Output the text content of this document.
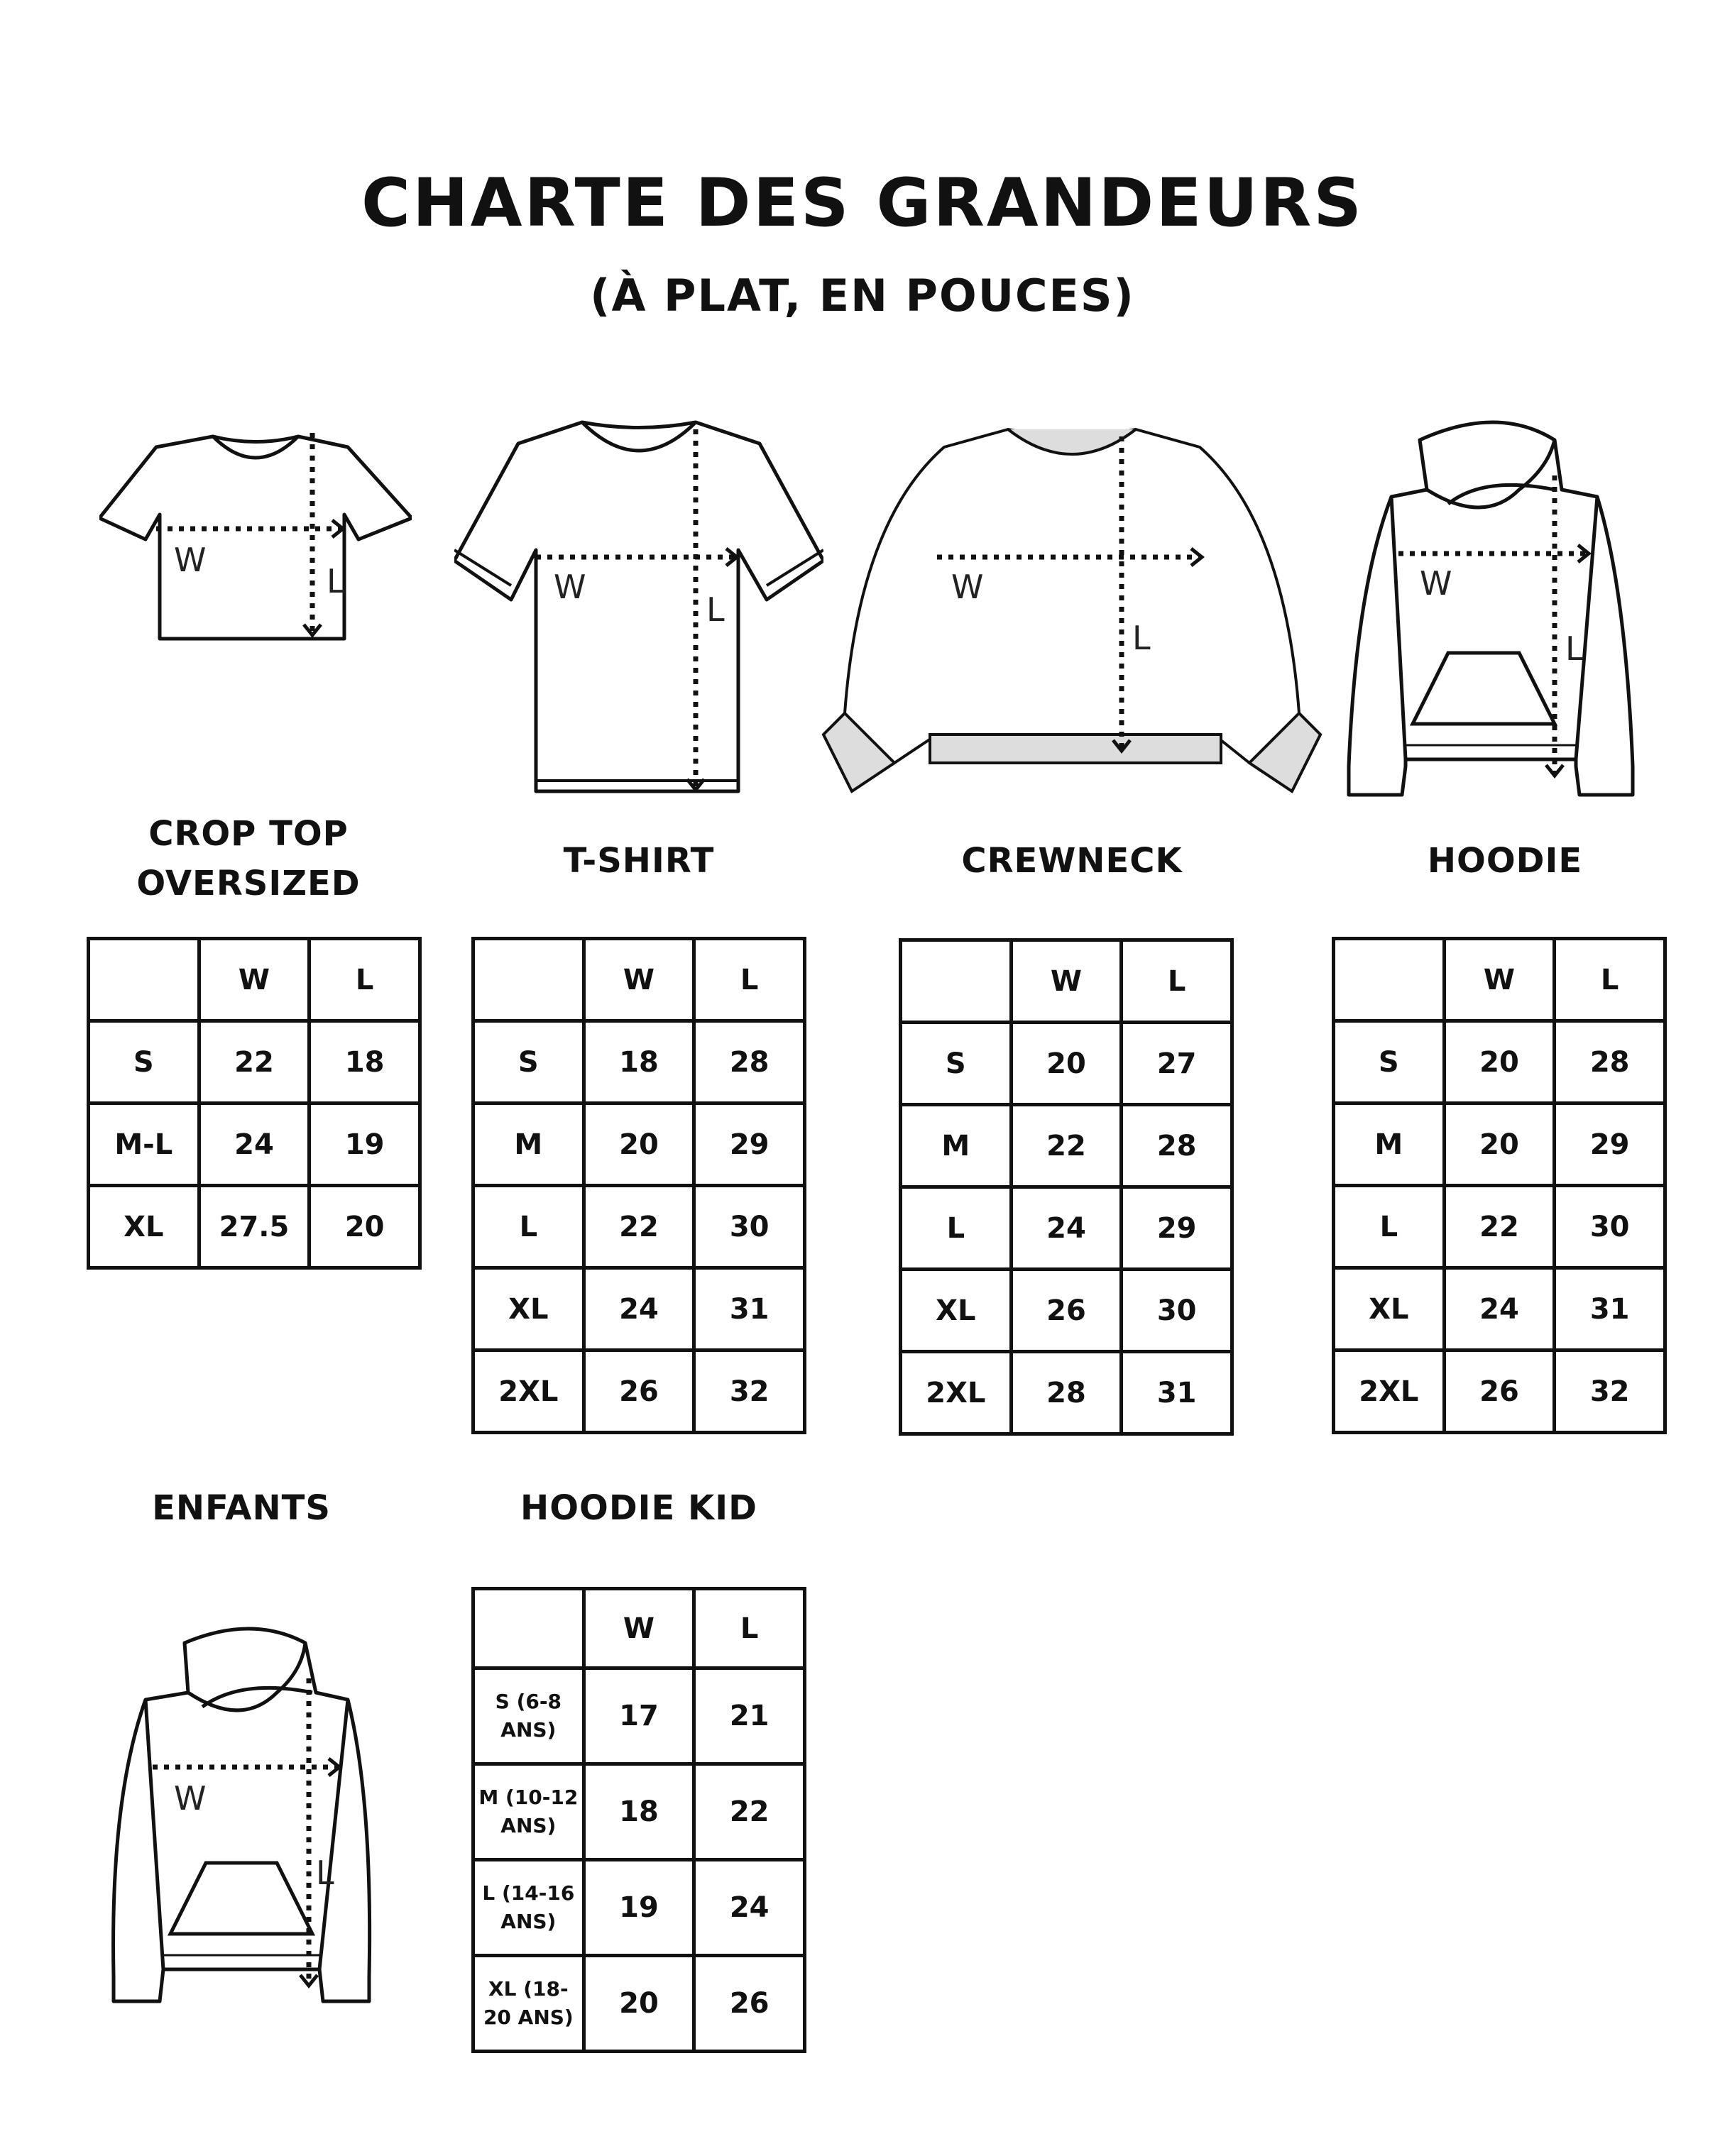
CHARTE DES GRANDEURS
(À PLAT, EN POUCES)
W
L	W
L
W
L
W
L
W
L
CROP TOP
OVERSIZED
T-SHIRT	CREWNECK	HOODIE
ENFANTS	HOODIE KID
	W	L
S	22	18
M-L	24	19
XL	27.5	20
	W	L
S	18	28
M	20	29
L	22	30
XL	24	31
2XL	26	32
	W	L
S	20	27
M	22	28
L	24	29
XL	26	30
2XL	28	31
	W	L
S	20	28
M	20	29
L	22	30
XL	24	31
2XL	26	32
	W	L
S (6-8 ANS)	17	21
M (10-12 ANS)	18	22
L (14-16 ANS)	19	24
XL (18-20 ANS)	20	26
